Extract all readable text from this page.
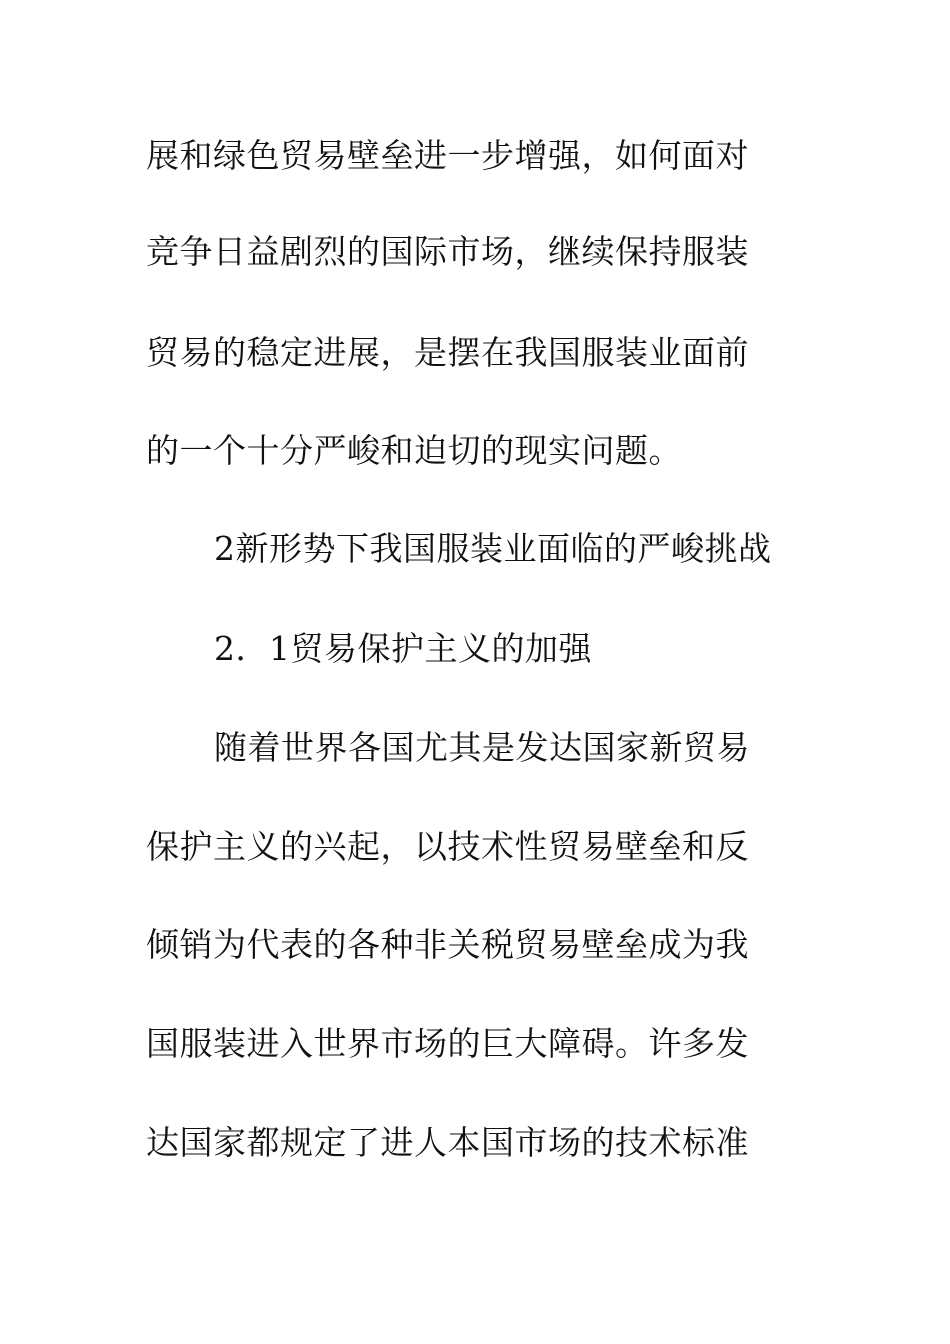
展和绿色贸易壁垒进一步增强，如何面对
竞争日益剧烈的国际市场，继续保持服装
贸易的稳定进展，是摆在我国服装业面前
的一个十分严峻和迫切的现实问题。
2新形势下我国服装业面临的严峻挑战
2．1贸易保护主义的加强
随着世界各国尤其是发达国家新贸易
保护主义的兴起，以技术性贸易壁垒和反
倾销为代表的各种非关税贸易壁垒成为我
国服装进入世界市场的巨大障碍。许多发
达国家都规定了进人本国市场的技术标准
